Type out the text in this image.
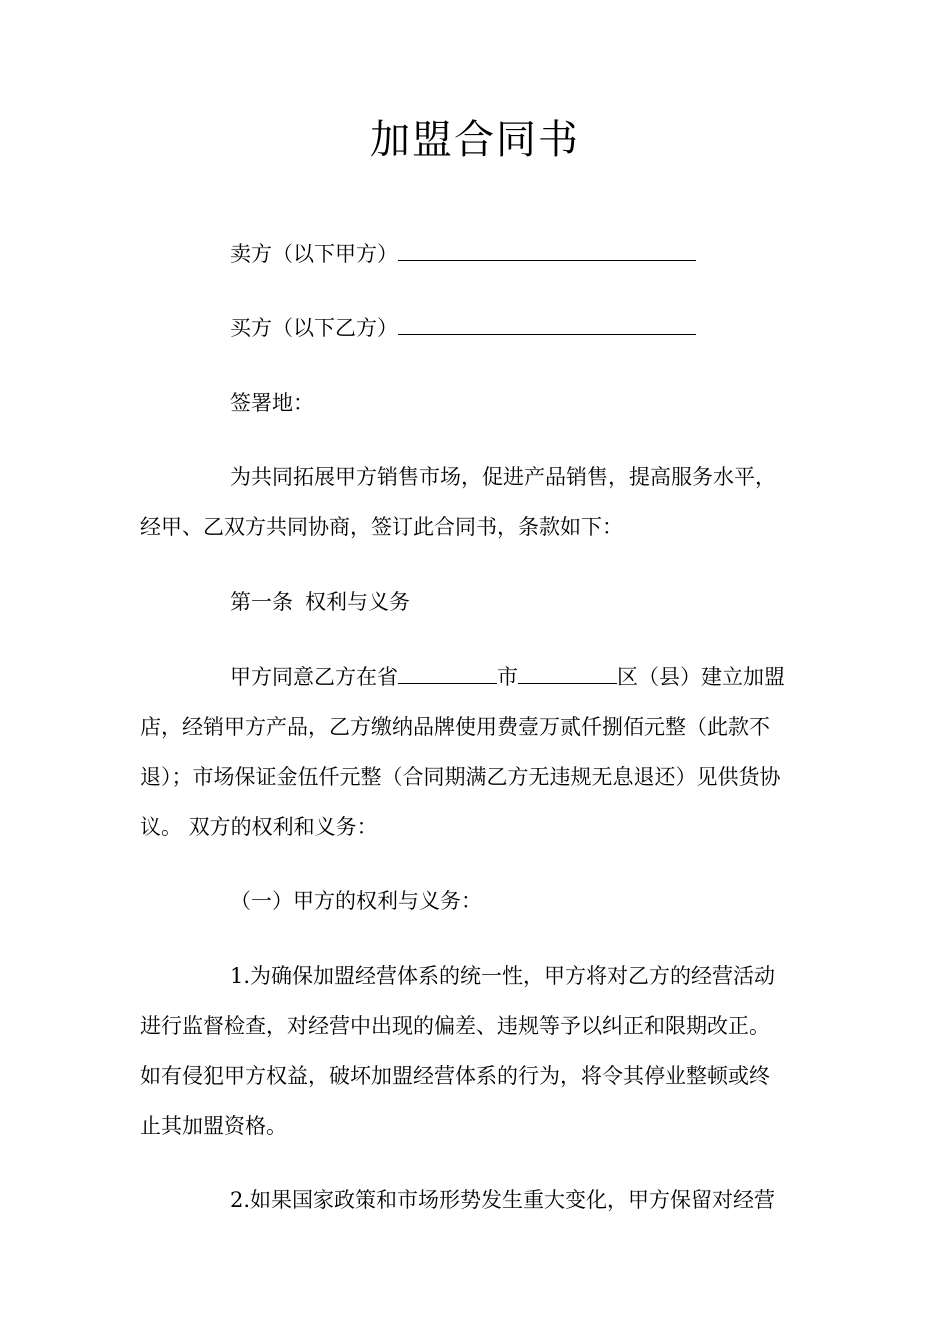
加盟合同书
卖方（以下甲方）
买方（以下乙方）
签署地：
为共同拓展甲方销售市场，促进产品销售，提高服务水平，
经甲、乙双方共同协商，签订此合同书，条款如下：
第一条 权利与义务
甲方同意乙方在省	市	区（县）建立加盟
店，经销甲方产品，乙方缴纳品牌使用费壹万贰仟捌佰元整（此款不
退）；市场保证金伍仟元整（合同期满乙方无违规无息退还）见供货协
议。 双方的权利和义务：
（一）甲方的权利与义务：
1.为确保加盟经营体系的统一性，甲方将对乙方的经营活动
进行监督检查，对经营中出现的偏差、违规等予以纠正和限期改正。
如有侵犯甲方权益，破坏加盟经营体系的行为，将令其停业整顿或终
止其加盟资格。
2.如果国家政策和市场形势发生重大变化，甲方保留对经营
